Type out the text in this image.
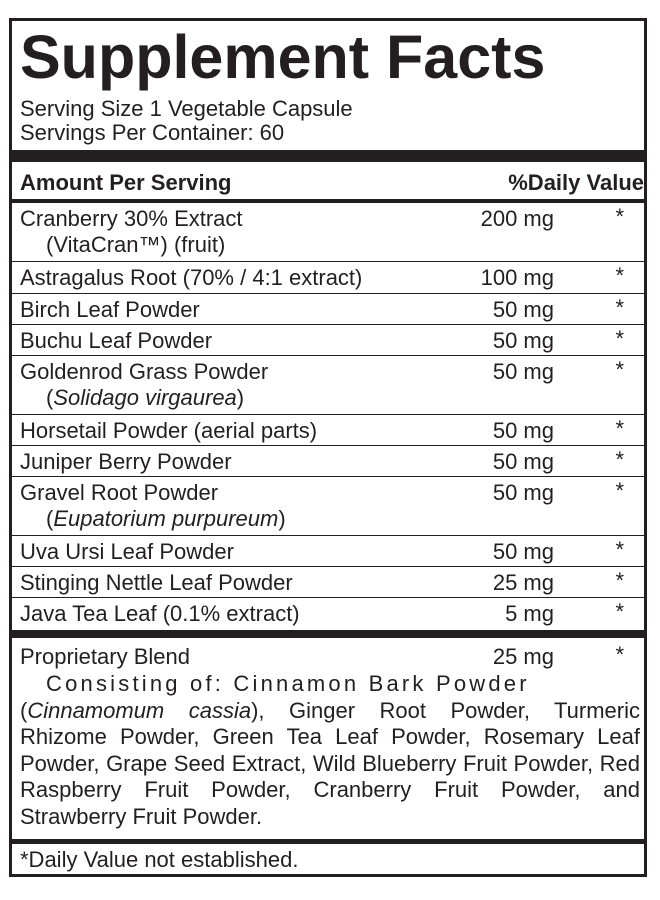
Supplement Facts
Serving Size 1 Vegetable Capsule
Servings Per Container: 60
Amount Per Serving	%Daily Value
Cranberry 30% Extract
(VitaCran™) (fruit)
200 mg	*
Astragalus Root (70% / 4:1 extract)	100 mg	*
Birch Leaf Powder	50 mg	*
Buchu Leaf Powder	50 mg	*
Goldenrod Grass Powder
(Solidago virgaurea)
50 mg	*
Horsetail Powder (aerial parts)	50 mg	*
Juniper Berry Powder	50 mg	*
Gravel Root Powder
(Eupatorium purpureum)
50 mg	*
Uva Ursi Leaf Powder	50 mg	*
Stinging Nettle Leaf Powder	25 mg	*
Java Tea Leaf (0.1% extract)	5 mg	*
Proprietary Blend	25 mg	*
Consisting of: Cinnamon Bark Powder
(Cinnamomum cassia), Ginger Root Powder, Turmeric Rhizome Powder, Green Tea Leaf Powder, Rosemary Leaf Powder, Grape Seed Extract, Wild Blueberry Fruit Powder, Red Raspberry Fruit Powder, Cranberry Fruit Powder, and Strawberry Fruit Powder.
*Daily Value not established.
